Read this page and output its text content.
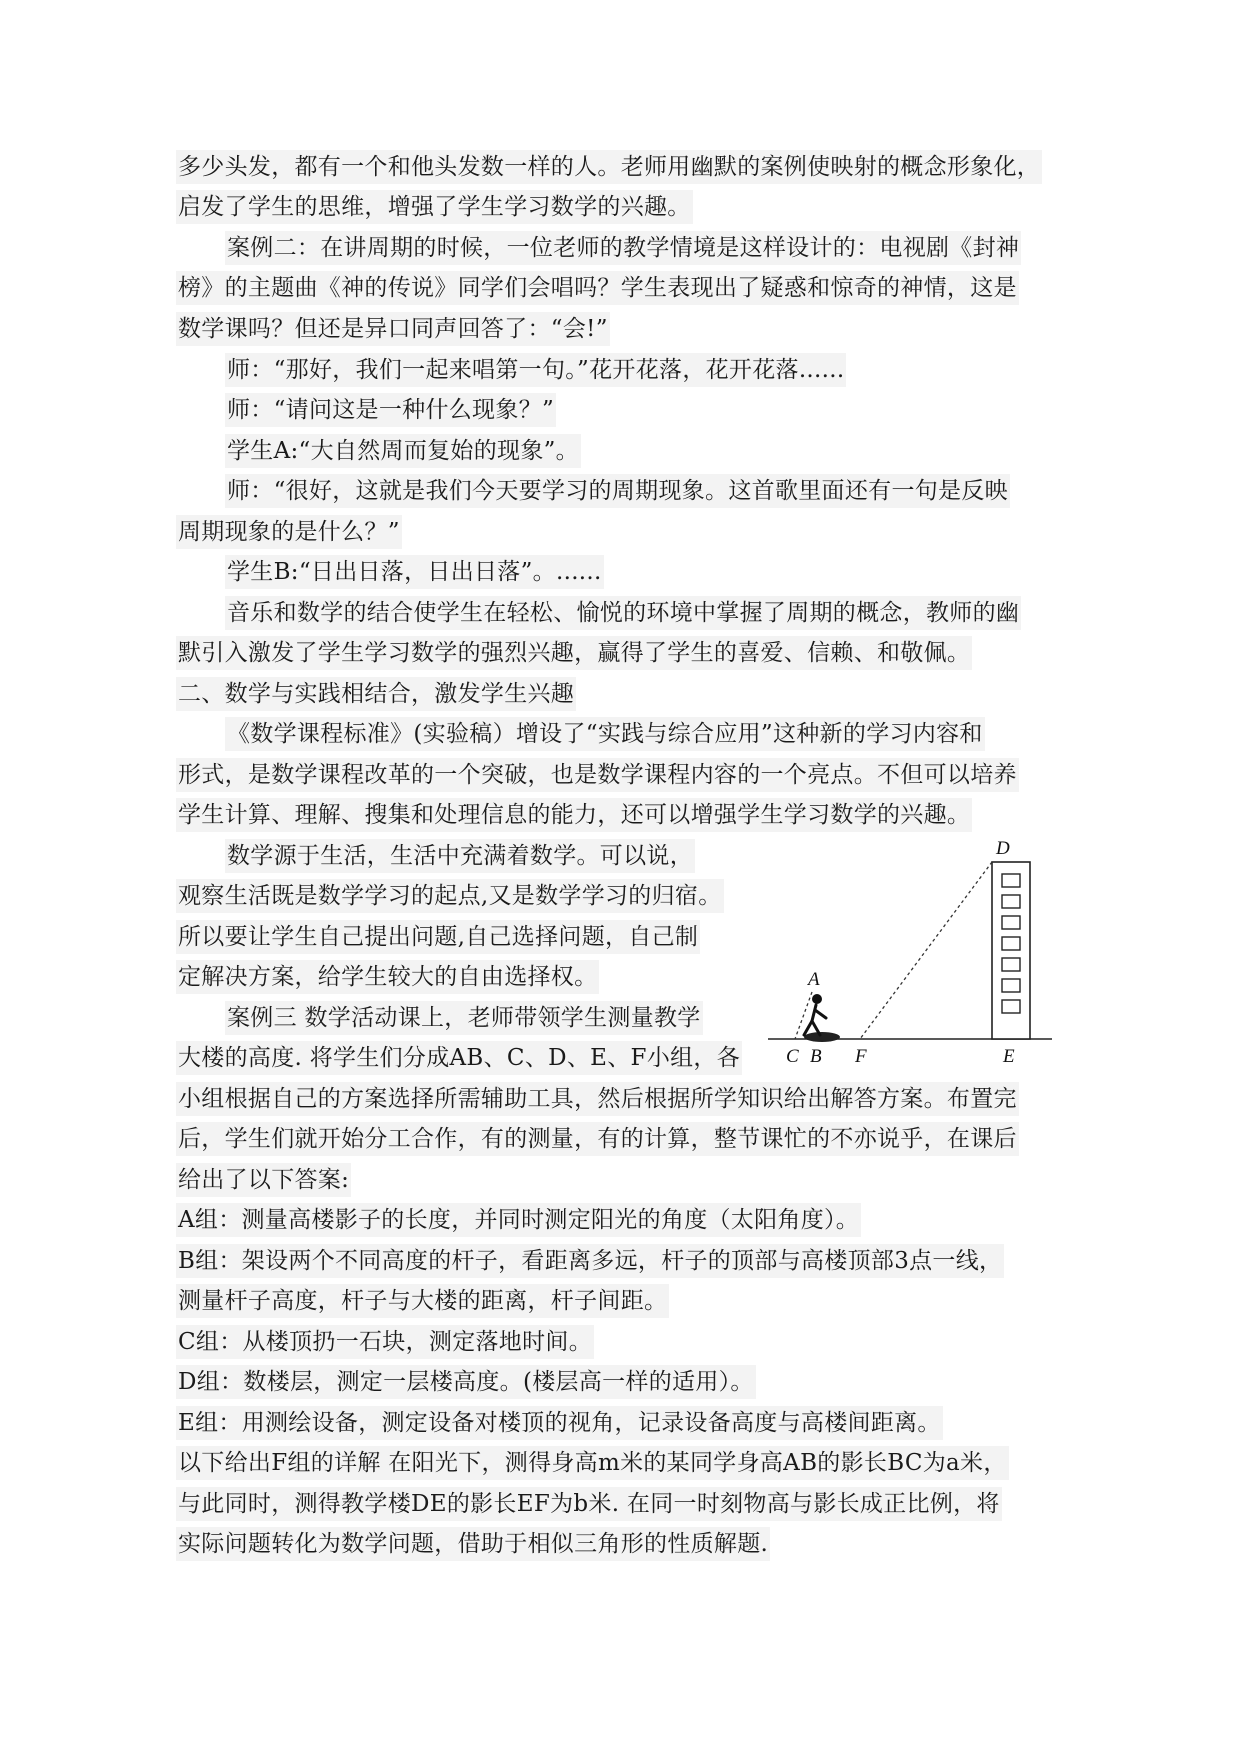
多少头发，都有一个和他头发数一样的人。老师用幽默的案例使映射的概念形象化，
启发了学生的思维，增强了学生学习数学的兴趣。
案例二：在讲周期的时候，一位老师的教学情境是这样设计的：电视剧《封神
榜》的主题曲《神的传说》同学们会唱吗？学生表现出了疑惑和惊奇的神情，这是
数学课吗？但还是异口同声回答了：“会!”
师：“那好，我们一起来唱第一句。”花开花落，花开花落......
师：“请问这是一种什么现象？”
学生A:“大自然周而复始的现象”。
师：“很好，这就是我们今天要学习的周期现象。这首歌里面还有一句是反映
周期现象的是什么？”
学生B:“日出日落，日出日落”。......
音乐和数学的结合使学生在轻松、愉悦的环境中掌握了周期的概念，教师的幽
默引入激发了学生学习数学的强烈兴趣，赢得了学生的喜爱、信赖、和敬佩。
二、数学与实践相结合，激发学生兴趣
《数学课程标准》(实验稿）增设了“实践与综合应用”这种新的学习内容和
形式，是数学课程改革的一个突破，也是数学课程内容的一个亮点。不但可以培养
学生计算、理解、搜集和处理信息的能力，还可以增强学生学习数学的兴趣。
数学源于生活，生活中充满着数学。可以说，
观察生活既是数学学习的起点,又是数学学习的归宿。
所以要让学生自己提出问题,自己选择问题，自己制
定解决方案，给学生较大的自由选择权。
案例三 数学活动课上，老师带领学生测量教学
大楼的高度. 将学生们分成AB、C、D、E、F小组，各
小组根据自己的方案选择所需辅助工具，然后根据所学知识给出解答方案。布置完
后，学生们就开始分工合作，有的测量，有的计算，整节课忙的不亦说乎，在课后
给出了以下答案:
A组：测量高楼影子的长度，并同时测定阳光的角度（太阳角度）。
B组：架设两个不同高度的杆子，看距离多远，杆子的顶部与高楼顶部3点一线，
测量杆子高度，杆子与大楼的距离，杆子间距。
C组：从楼顶扔一石块，测定落地时间。
D组：数楼层，测定一层楼高度。(楼层高一样的适用）。
E组：用测绘设备，测定设备对楼顶的视角，记录设备高度与高楼间距离。
以下给出F组的详解 在阳光下，测得身高m米的某同学身高AB的影长BC为a米，
与此同时，测得教学楼DE的影长EF为b米. 在同一时刻物高与影长成正比例，将
实际问题转化为数学问题，借助于相似三角形的性质解题.
D
A
C B F	E
